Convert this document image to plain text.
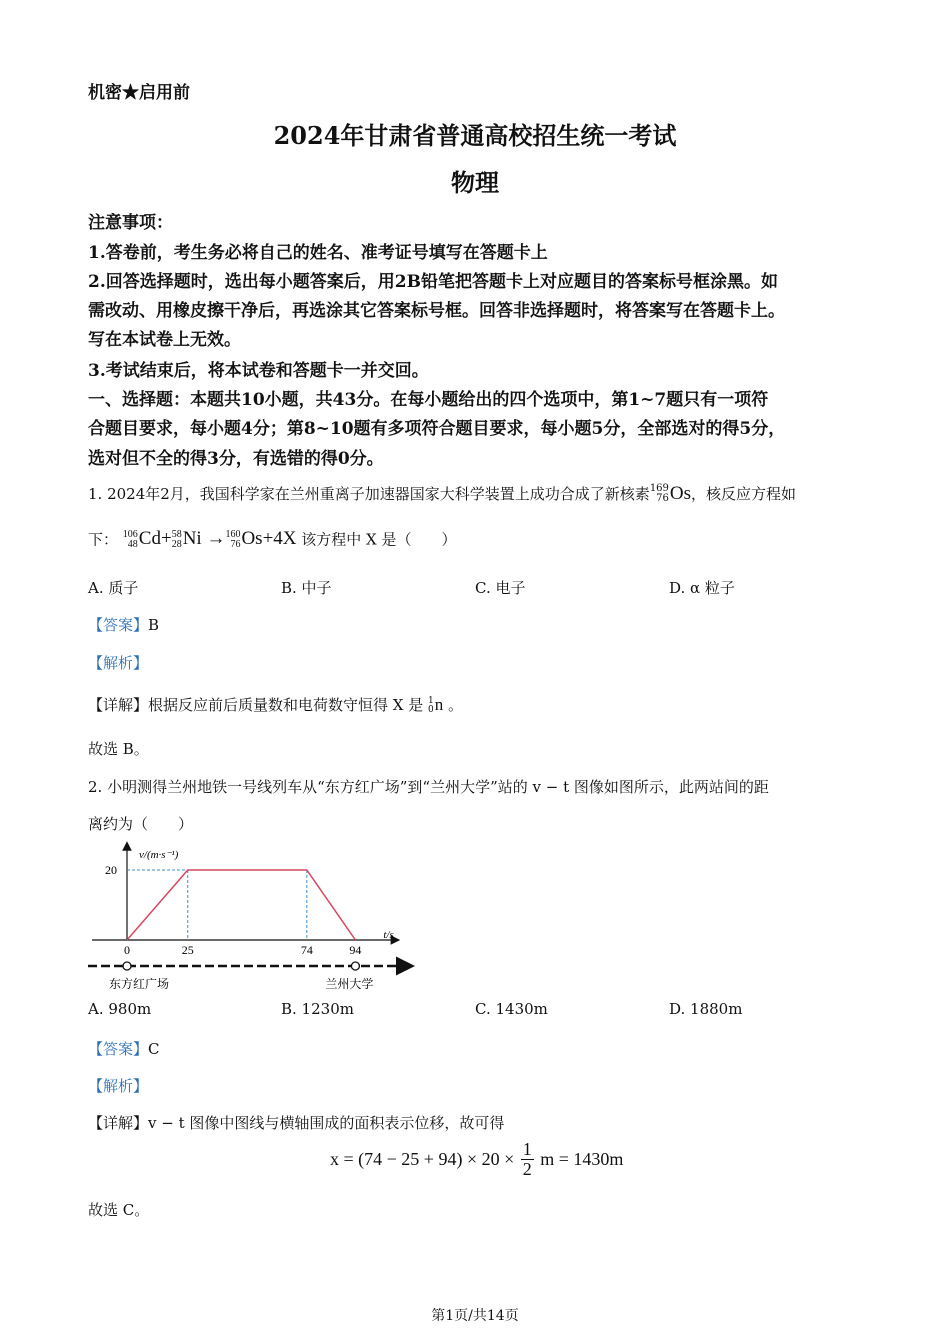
机密★启用前
2024年甘肃省普通高校招生统一考试
物理
注意事项：
1.答卷前，考生务必将自己的姓名、准考证号填写在答题卡上
2.回答选择题时，选出每小题答案后，用2B铅笔把答题卡上对应题目的答案标号框涂黑。如
需改动、用橡皮擦干净后，再选涂其它答案标号框。回答非选择题时，将答案写在答题卡上。
写在本试卷上无效。
3.考试结束后，将本试卷和答题卡一并交回。
一、选择题：本题共10小题，共43分。在每小题给出的四个选项中，第1~7题只有一项符
合题目要求，每小题4分；第8~10题有多项符合题目要求，每小题5分，全部选对的得5分，
选对但不全的得3分，有选错的得0分。
1. 2024年2月，我国科学家在兰州重离子加速器国家大科学装置上成功合成了新核素 169
76 Os，核反应方程如
下： 106
48 Cd+ 58
28 Ni → 160
76 Os+4X 该方程中 X 是（　　）
A. 质子	B. 中子	C. 电子	D. α 粒子
【答案】B
【解析】
【详解】根据反应前后质量数和电荷数守恒得 X 是 1
0 n 。
故选 B。
2. 小明测得兰州地铁一号线列车从“东方红广场”到“兰州大学”站的 v − t 图像如图所示，此两站间的距
离约为（　　）
v/(m·s⁻¹)
t/s
20
0	25	74	94
东方红广场	兰州大学
A. 980m	B. 1230m	C. 1430m	D. 1880m
【答案】C
【解析】
【详解】v − t 图像中图线与横轴围成的面积表示位移，故可得
$x = (74 - 25 + 94) \times 20 \times \frac{1}{2}$ m = 1430m
故选 C。
第1页/共14页
